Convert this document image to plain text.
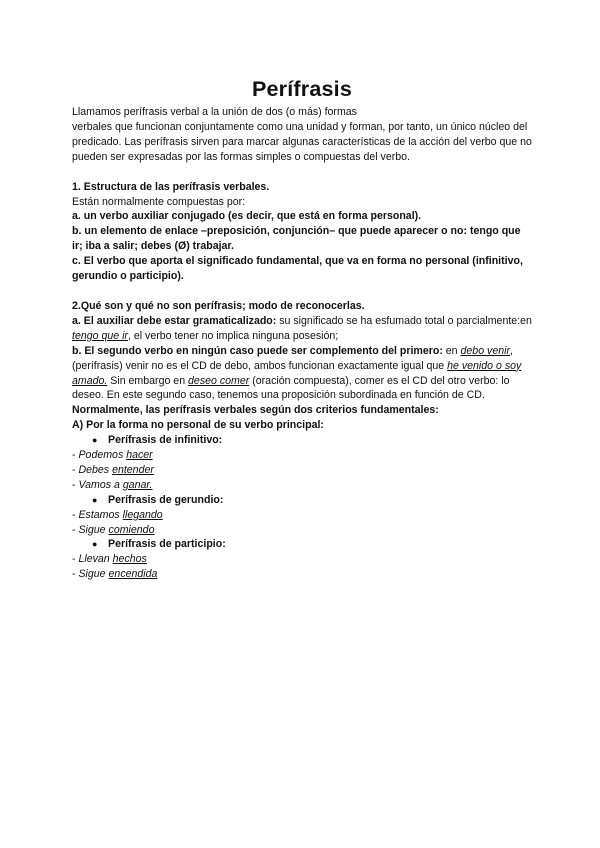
Perífrasis

Llamamos perífrasis verbal a la unión de dos (o más) formas

verbales que funcionan conjuntamente como una unidad y forman, por tanto, un único núcleo del predicado. Las perífrasis sirven para marcar algunas características de la acción del verbo que no pueden ser expresadas por las formas simples o compuestas del verbo.

1. Estructura de las perífrasis verbales.

Están normalmente compuestas por:

a. un verbo auxiliar conjugado (es decir, que está en forma personal).

b. un elemento de enlace –preposición, conjunción– que puede aparecer o no: tengo que ir; iba a salir; debes (Ø) trabajar.

c. El verbo que aporta el significado fundamental, que va en forma no personal (infinitivo, gerundio o participio).

2.Qué son y qué no son perífrasis; modo de reconocerlas.

a. El auxiliar debe estar gramaticalizado: su significado se ha esfumado total o parcialmente:en tengo que ir, el verbo tener no implica ninguna posesión;

b. El segundo verbo en ningún caso puede ser complemento del primero: en debo venir, (perífrasis) venir no es el CD de debo, ambos funcionan exactamente igual que he venido o soy amado. Sin embargo en deseo comer (oración compuesta), comer es el CD del otro verbo: lo deseo. En este segundo caso, tenemos una proposición subordinada en función de CD.

Normalmente, las perífrasis verbales según dos criterios fundamentales:

A) Por la forma no personal de su verbo principal:

● Perífrasis de infinitivo:

- Podemos hacer

- Debes entender

- Vamos a ganar.

● Perífrasis de gerundio:

- Estamos llegando

- Sigue comiendo

● Perífrasis de participio:

- Llevan hechos

- Sigue encendida
